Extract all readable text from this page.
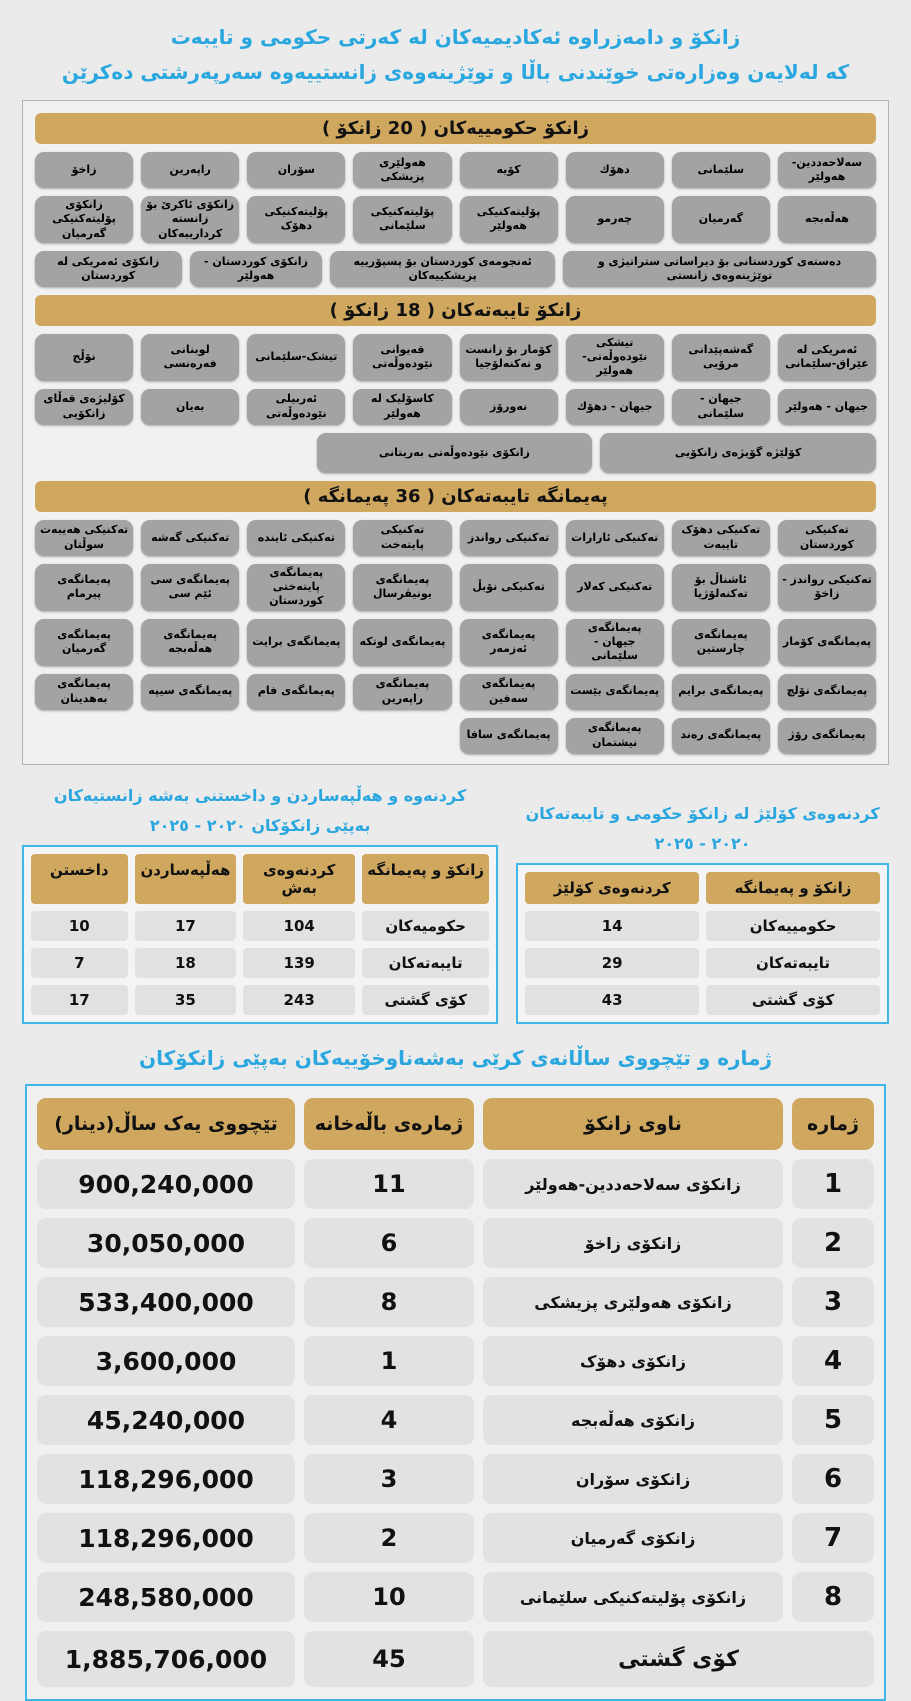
زانکۆ و دامەزراوە ئەکادیمیەکان لە کەرتی حکومی و تایبەت
کە لەلایەن وەزارەتی خوێندنی باڵا و توێژینەوەی زانستییەوە سەرپەرشتی دەکرێن
زانکۆ حکومییەکان ( 20 زانکۆ )
سەلاحەددین-هەولێر
سلێمانی
دهۆك
کۆیە
هەولێری پزیشکی
سۆران
راپەرین
زاخۆ
هەڵەبجە
گەرمیان
چەرمو
پۆلیتەکنیکی هەولێر
پۆلیتەکنیکی سلێمانی
پۆلیتەکنیکی دهۆک
زانکۆی ئاکرێ بۆ زانستە کردارییەکان
زانکۆی پۆلیتەکنیکی گەرمیان
دەستەی کوردستانی بۆ دیراساتی ستراتیژی و توێژینەوەی زانستی
ئەنجومەی کوردستان بۆ پسپۆرییە پزیشکییەکان
زانکۆی کوردستان - هەولێر
زانکۆی ئەمریکی لە کوردستان
زانکۆ تایبەتەکان ( 18 زانکۆ )
ئەمریکی لە عێراق-سلێمانی
گەشەپێدانی مرۆیی
تیشکی نێودەوڵەتی-هەولێر
کۆمار بۆ زانست و تەکنەلۆجیا
قەیوانی نێودەوڵەتی
تیشک-سلێمانی
لوبنانی فەرەنسی
نۆڵج
جیهان - هەولێر
جیهان - سلێمانی
جیهان - دهۆك
نەورۆز
کاسۆلیک لە هەولێر
ئەربیلی نێودەوڵەتی
بەیان
کۆلیژەی قەڵای زانکۆیی
کۆلێژە گۆیژەی زانکۆیی
زانکۆی نێودەوڵەتی بەریتانی
پەیمانگە تایبەتەکان ( 36 پەیمانگە )
تەکنیکی کوردستان
تەکنیکی دهۆک تایبەت
تەکنیکی ئارارات
تەکنیکی رواندز
تەکنیکی پایتەخت
تەکنیکی ئایندە
تەکنیکی گەشە
تەکنیکی هەیبەت سوڵتان
تەکنیکی رواندز - زاخۆ
ئاشناڵ بۆ تەکنەلۆژیا
تەکنیکی کەلار
تەکنیکی نۆبڵ
پەیمانگەی یونیڤرسال
پەیمانگەی پایتەختی کوردستان
پەیمانگەی سی ئێم سی
پەیمانگەی پیرمام
پەیمانگەی کۆمار
پەیمانگەی چارستین
پەیمانگەی جیهان - سلێمانی
پەیمانگەی ئەزمەر
پەیمانگەی لوتکە
پەیمانگەی برایت
پەیمانگەی هەڵەبجە
پەیمانگەی گەرمیان
پەیمانگەی نۆلچ
پەیمانگەی برایم
پەیمانگەی بێست
پەیمانگەی سەفین
پەیمانگەی راپەرین
پەیمانگەی فام
پەیمانگەی سیپە
پەیمانگەی بەهدینان
پەیمانگەی رۆژ
پەیمانگەی رەند
پەیمانگەی نیشتمان
پەیمانگەی سافا
کردنەوەی کۆلێژ لە زانکۆ حکومی و تایبەتەکان
٢٠٢٠ - ٢٠٢٥
زانکۆ و پەیمانگە
کردنەوەی کۆلێژ
حکومییەکان
14
تایبەتەکان
29
کۆی گشتی
43
کردنەوە و هەڵپەساردن و داخستنی بەشە زانستیەکان
بەپێی زانکۆکان ٢٠٢٠ - ٢٠٢٥
زانکۆ و پەیمانگە
کردنەوەی بەش
هەڵپەساردن
داخستن
حکومیەکان
104
17
10
تایبەتەکان
139
18
7
کۆی گشتی
243
35
17
ژماره و تێچووی ساڵانەی کرێی بەشەناوخۆییەکان بەپێی زانکۆکان
ژماره
ناوی زانکۆ
ژمارەی باڵەخانە
تێچووی یەک ساڵ(دینار)
1
زانکۆی سەلاحەددین-هەولێر
11
900,240,000
2
زانکۆی زاخۆ
6
30,050,000
3
زانکۆی هەولێری پزیشکی
8
533,400,000
4
زانکۆی دهۆک
1
3,600,000
5
زانکۆی هەڵەبجە
4
45,240,000
6
زانکۆی سۆران
3
118,296,000
7
زانکۆی گەرمیان
2
118,296,000
8
زانکۆی پۆلیتەکنیکی سلێمانی
10
248,580,000
کۆی گشتی
45
1,885,706,000
